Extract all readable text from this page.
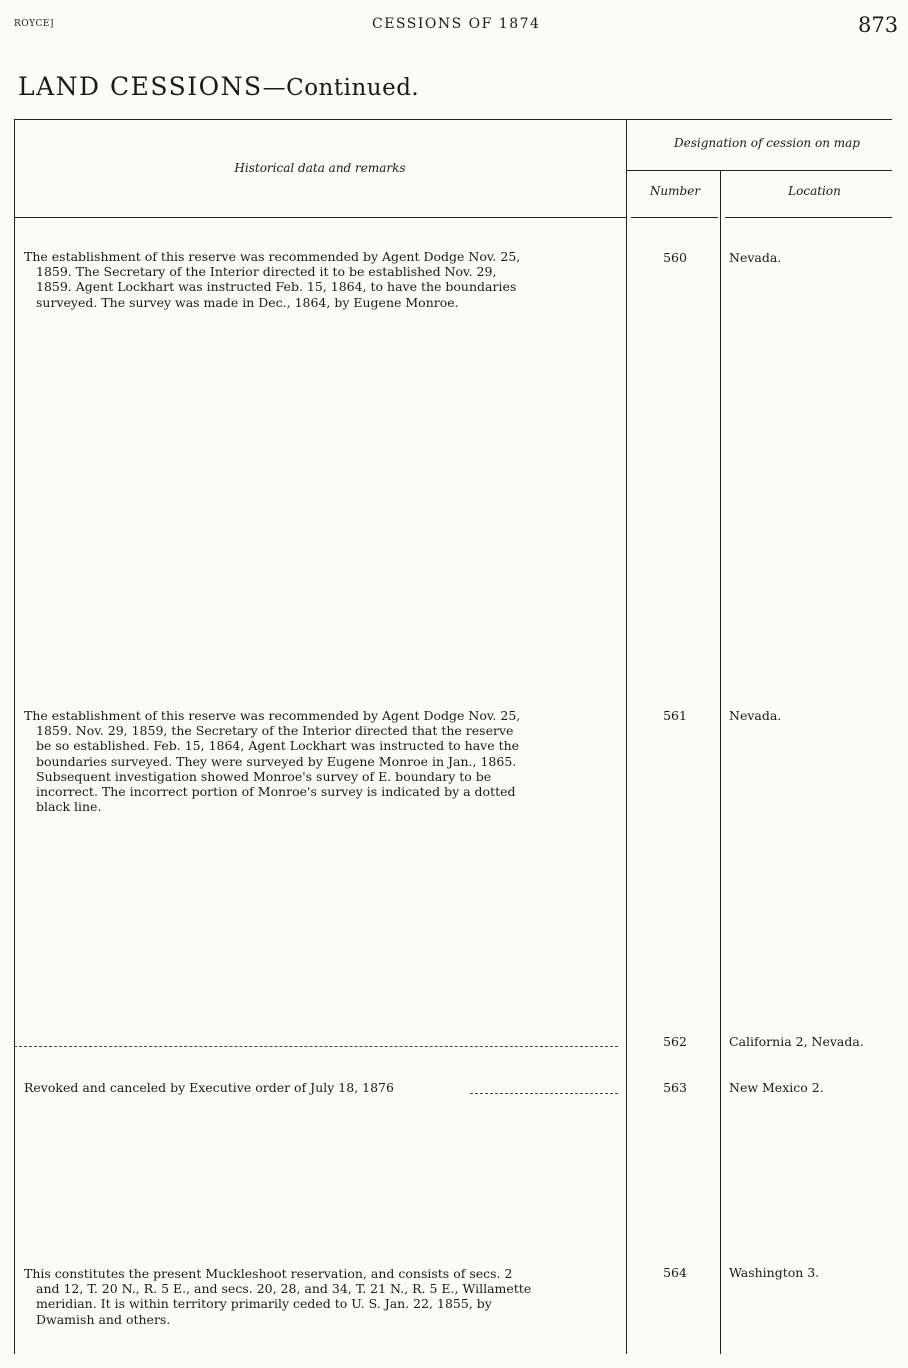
ROYCE]	CESSIONS OF 1874	873
LAND CESSIONS—Continued.
Historical data and remarks
Designation of cession on map
Number	Location
The establishment of this reserve was recommended by Agent Dodge Nov. 25,
1859. The Secretary of the Interior directed it to be established Nov. 29,
1859. Agent Lockhart was instructed Feb. 15, 1864, to have the boundaries
surveyed. The survey was made in Dec., 1864, by Eugene Monroe.
560	Nevada.
The establishment of this reserve was recommended by Agent Dodge Nov. 25,
1859. Nov. 29, 1859, the Secretary of the Interior directed that the reserve
be so established. Feb. 15, 1864, Agent Lockhart was instructed to have the
boundaries surveyed. They were surveyed by Eugene Monroe in Jan., 1865.
Subsequent investigation showed Monroe's survey of E. boundary to be
incorrect. The incorrect portion of Monroe's survey is indicated by a dotted
black line.
561	Nevada.
562	California 2, Nevada.
Revoked and canceled by Executive order of July 18, 1876	563	New Mexico 2.
This constitutes the present Muckleshoot reservation, and consists of secs. 2
and 12, T. 20 N., R. 5 E., and secs. 20, 28, and 34, T. 21 N., R. 5 E., Willamette
meridian. It is within territory primarily ceded to U. S. Jan. 22, 1855, by
Dwamish and others.
564	Washington 3.
